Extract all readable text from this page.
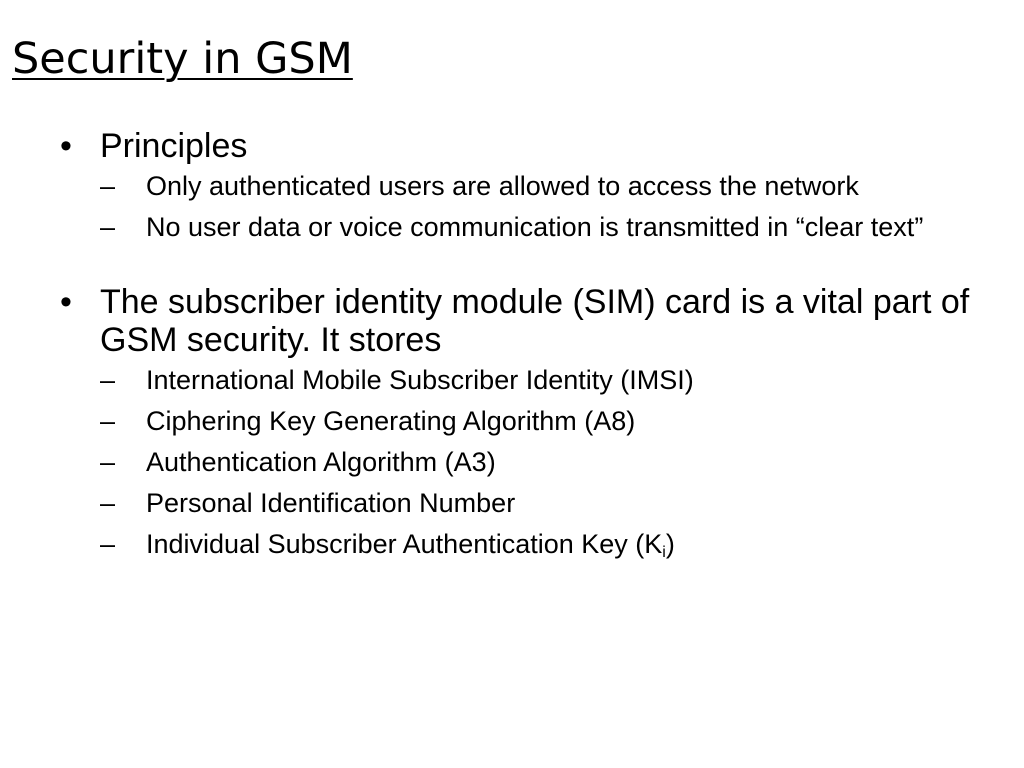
Security in GSM
• Principles
–	Only authenticated users are allowed to access the network
–	No user data or voice communication is transmitted in “clear text”
• The subscriber identity module (SIM) card is a vital part of GSM security. It stores
–	International Mobile Subscriber Identity (IMSI)
–	Ciphering Key Generating Algorithm (A8)
–	Authentication Algorithm (A3)
–	Personal Identification Number
–	Individual Subscriber Authentication Key $(K_i)$
